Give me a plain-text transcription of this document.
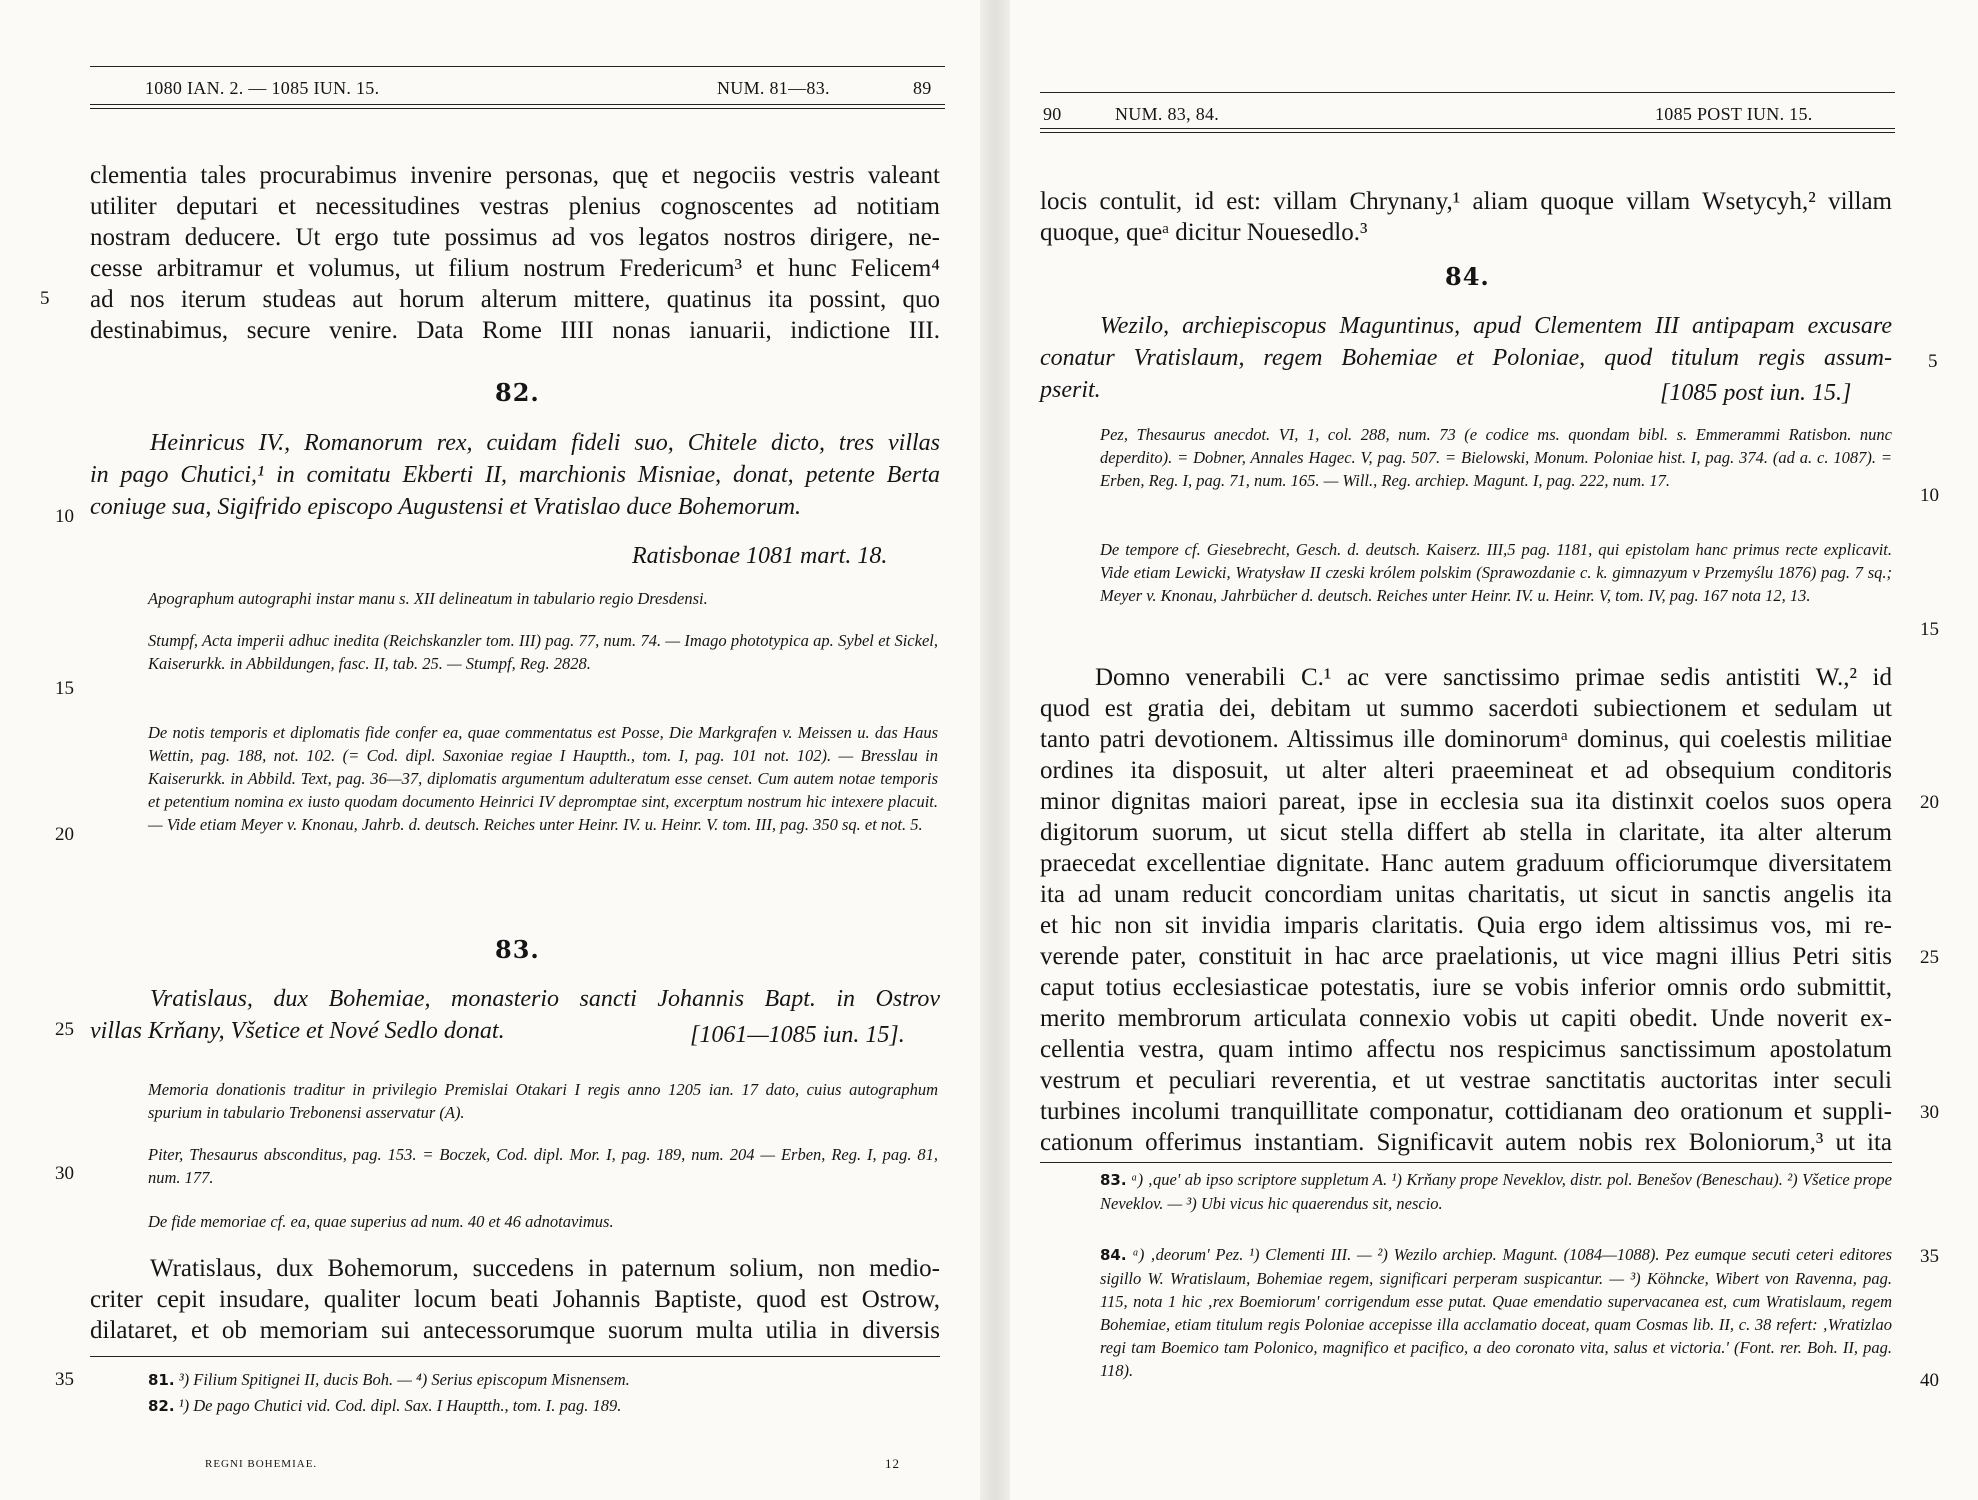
1080 IAN. 2. — 1085 IUN. 15.	NUM. 81—83.	89
clementia tales procurabimus invenire personas, quę et negociis vestris valeant
utiliter deputari et necessitudines vestras plenius cognoscentes ad notitiam
nostram deducere. Ut ergo tute possimus ad vos legatos nostros dirigere, ne-
cesse arbitramur et volumus, ut filium nostrum Fredericum³ et hunc Felicem⁴
ad nos iterum studeas aut horum alterum mittere, quatinus ita possint, quo
destinabimus, secure venire. Data Rome IIII nonas ianuarii, indictione III.
82.
Heinricus IV., Romanorum rex, cuidam fideli suo, Chitele dicto, tres villas
in pago Chutici,¹ in comitatu Ekberti II, marchionis Misniae, donat, petente Berta
coniuge sua, Sigifrido episcopo Augustensi et Vratislao duce Bohemorum.
Ratisbonae 1081 mart. 18.
Apographum autographi instar manu s. XII delineatum in tabulario regio Dresdensi.
Stumpf, Acta imperii adhuc inedita (Reichskanzler tom. III) pag. 77, num. 74. — Imago phototypica ap. Sybel et Sickel, Kaiserurkk. in Abbildungen, fasc. II, tab. 25. — Stumpf, Reg. 2828.
De notis temporis et diplomatis fide confer ea, quae commentatus est Posse, Die Markgrafen v. Meissen u. das Haus Wettin, pag. 188, not. 102. (= Cod. dipl. Saxoniae regiae I Hauptth., tom. I, pag. 101 not. 102). — Bresslau in Kaiserurkk. in Abbild. Text, pag. 36—37, diplomatis argumentum adulteratum esse censet. Cum autem notae temporis et petentium nomina ex iusto quodam documento Heinrici IV depromptae sint, excerptum nostrum hic intexere placuit. — Vide etiam Meyer v. Knonau, Jahrb. d. deutsch. Reiches unter Heinr. IV. u. Heinr. V. tom. III, pag. 350 sq. et not. 5.
83.
Vratislaus, dux Bohemiae, monasterio sancti Johannis Bapt. in Ostrov
villas Krňany, Všetice et Nové Sedlo donat.	[1061—1085 iun. 15].
Memoria donationis traditur in privilegio Premislai Otakari I regis anno 1205 ian. 17 dato, cuius autographum spurium in tabulario Trebonensi asservatur (A).
Piter, Thesaurus absconditus, pag. 153. = Boczek, Cod. dipl. Mor. I, pag. 189, num. 204 — Erben, Reg. I, pag. 81, num. 177.
De fide memoriae cf. ea, quae superius ad num. 40 et 46 adnotavimus.
Wratislaus, dux Bohemorum, succedens in paternum solium, non medio-
criter cepit insudare, qualiter locum beati Johannis Baptiste, quod est Ostrow,
dilataret, et ob memoriam sui antecessorumque suorum multa utilia in diversis
81. ³) Filium Spitignei II, ducis Boh. — ⁴) Serius episcopum Misnensem.
82. ¹) De pago Chutici vid. Cod. dipl. Sax. I Hauptth., tom. I. pag. 189.
REGNI BOHEMIAE.	12
5
10
15
20
25
30
35
90	NUM. 83, 84.	1085 POST IUN. 15.
locis contulit, id est: villam Chrynany,¹ aliam quoque villam Wsetycyh,² villam
quoque, queᵃ dicitur Nouesedlo.³
84.
Wezilo, archiepiscopus Maguntinus, apud Clementem III antipapam excusare
conatur Vratislaum, regem Bohemiae et Poloniae, quod titulum regis assum-
pserit.	[1085 post iun. 15.]
Pez, Thesaurus anecdot. VI, 1, col. 288, num. 73 (e codice ms. quondam bibl. s. Emmerammi Ratisbon. nunc deperdito). = Dobner, Annales Hagec. V, pag. 507. = Bielowski, Monum. Poloniae hist. I, pag. 374. (ad a. c. 1087). = Erben, Reg. I, pag. 71, num. 165. — Will., Reg. archiep. Magunt. I, pag. 222, num. 17.
De tempore cf. Giesebrecht, Gesch. d. deutsch. Kaiserz. III,5 pag. 1181, qui epistolam hanc primus recte explicavit. Vide etiam Lewicki, Wratysław II czeski królem polskim (Sprawozdanie c. k. gimnazyum v Przemyślu 1876) pag. 7 sq.; Meyer v. Knonau, Jahrbücher d. deutsch. Reiches unter Heinr. IV. u. Heinr. V, tom. IV, pag. 167 nota 12, 13.
Domno venerabili C.¹ ac vere sanctissimo primae sedis antistiti W.,² id
quod est gratia dei, debitam ut summo sacerdoti subiectionem et sedulam ut
tanto patri devotionem. Altissimus ille dominorumᵃ dominus, qui coelestis militiae
ordines ita disposuit, ut alter alteri praeemineat et ad obsequium conditoris
minor dignitas maiori pareat, ipse in ecclesia sua ita distinxit coelos suos opera
digitorum suorum, ut sicut stella differt ab stella in claritate, ita alter alterum
praecedat excellentiae dignitate. Hanc autem graduum officiorumque diversitatem
ita ad unam reducit concordiam unitas charitatis, ut sicut in sanctis angelis ita
et hic non sit invidia imparis claritatis. Quia ergo idem altissimus vos, mi re-
verende pater, constituit in hac arce praelationis, ut vice magni illius Petri sitis
caput totius ecclesiasticae potestatis, iure se vobis inferior omnis ordo submittit,
merito membrorum articulata connexio vobis ut capiti obedit. Unde noverit ex-
cellentia vestra, quam intimo affectu nos respicimus sanctissimum apostolatum
vestrum et peculiari reverentia, et ut vestrae sanctitatis auctoritas inter seculi
turbines incolumi tranquillitate componatur, cottidianam deo orationum et suppli-
cationum offerimus instantiam. Significavit autem nobis rex Boloniorum,³ ut ita
83. ᵃ) ‚que' ab ipso scriptore suppletum A. ¹) Krňany prope Neveklov, distr. pol. Benešov (Beneschau). ²) Všetice prope Neveklov. — ³) Ubi vicus hic quaerendus sit, nescio.
84. ᵃ) ‚deorum' Pez. ¹) Clementi III. — ²) Wezilo archiep. Magunt. (1084—1088). Pez eumque secuti ceteri editores sigillo W. Wratislaum, Bohemiae regem, significari perperam suspicantur. — ³) Köhncke, Wibert von Ravenna, pag. 115, nota 1 hic ‚rex Boemiorum' corrigendum esse putat. Quae emendatio supervacanea est, cum Wratislaum, regem Bohemiae, etiam titulum regis Poloniae accepisse illa acclamatio doceat, quam Cosmas lib. II, c. 38 refert: ‚Wratizlao regi tam Boemico tam Polonico, magnifico et pacifico, a deo coronato vita, salus et victoria.' (Font. rer. Boh. II, pag. 118).
5
10
15
20
25
30
35
40
